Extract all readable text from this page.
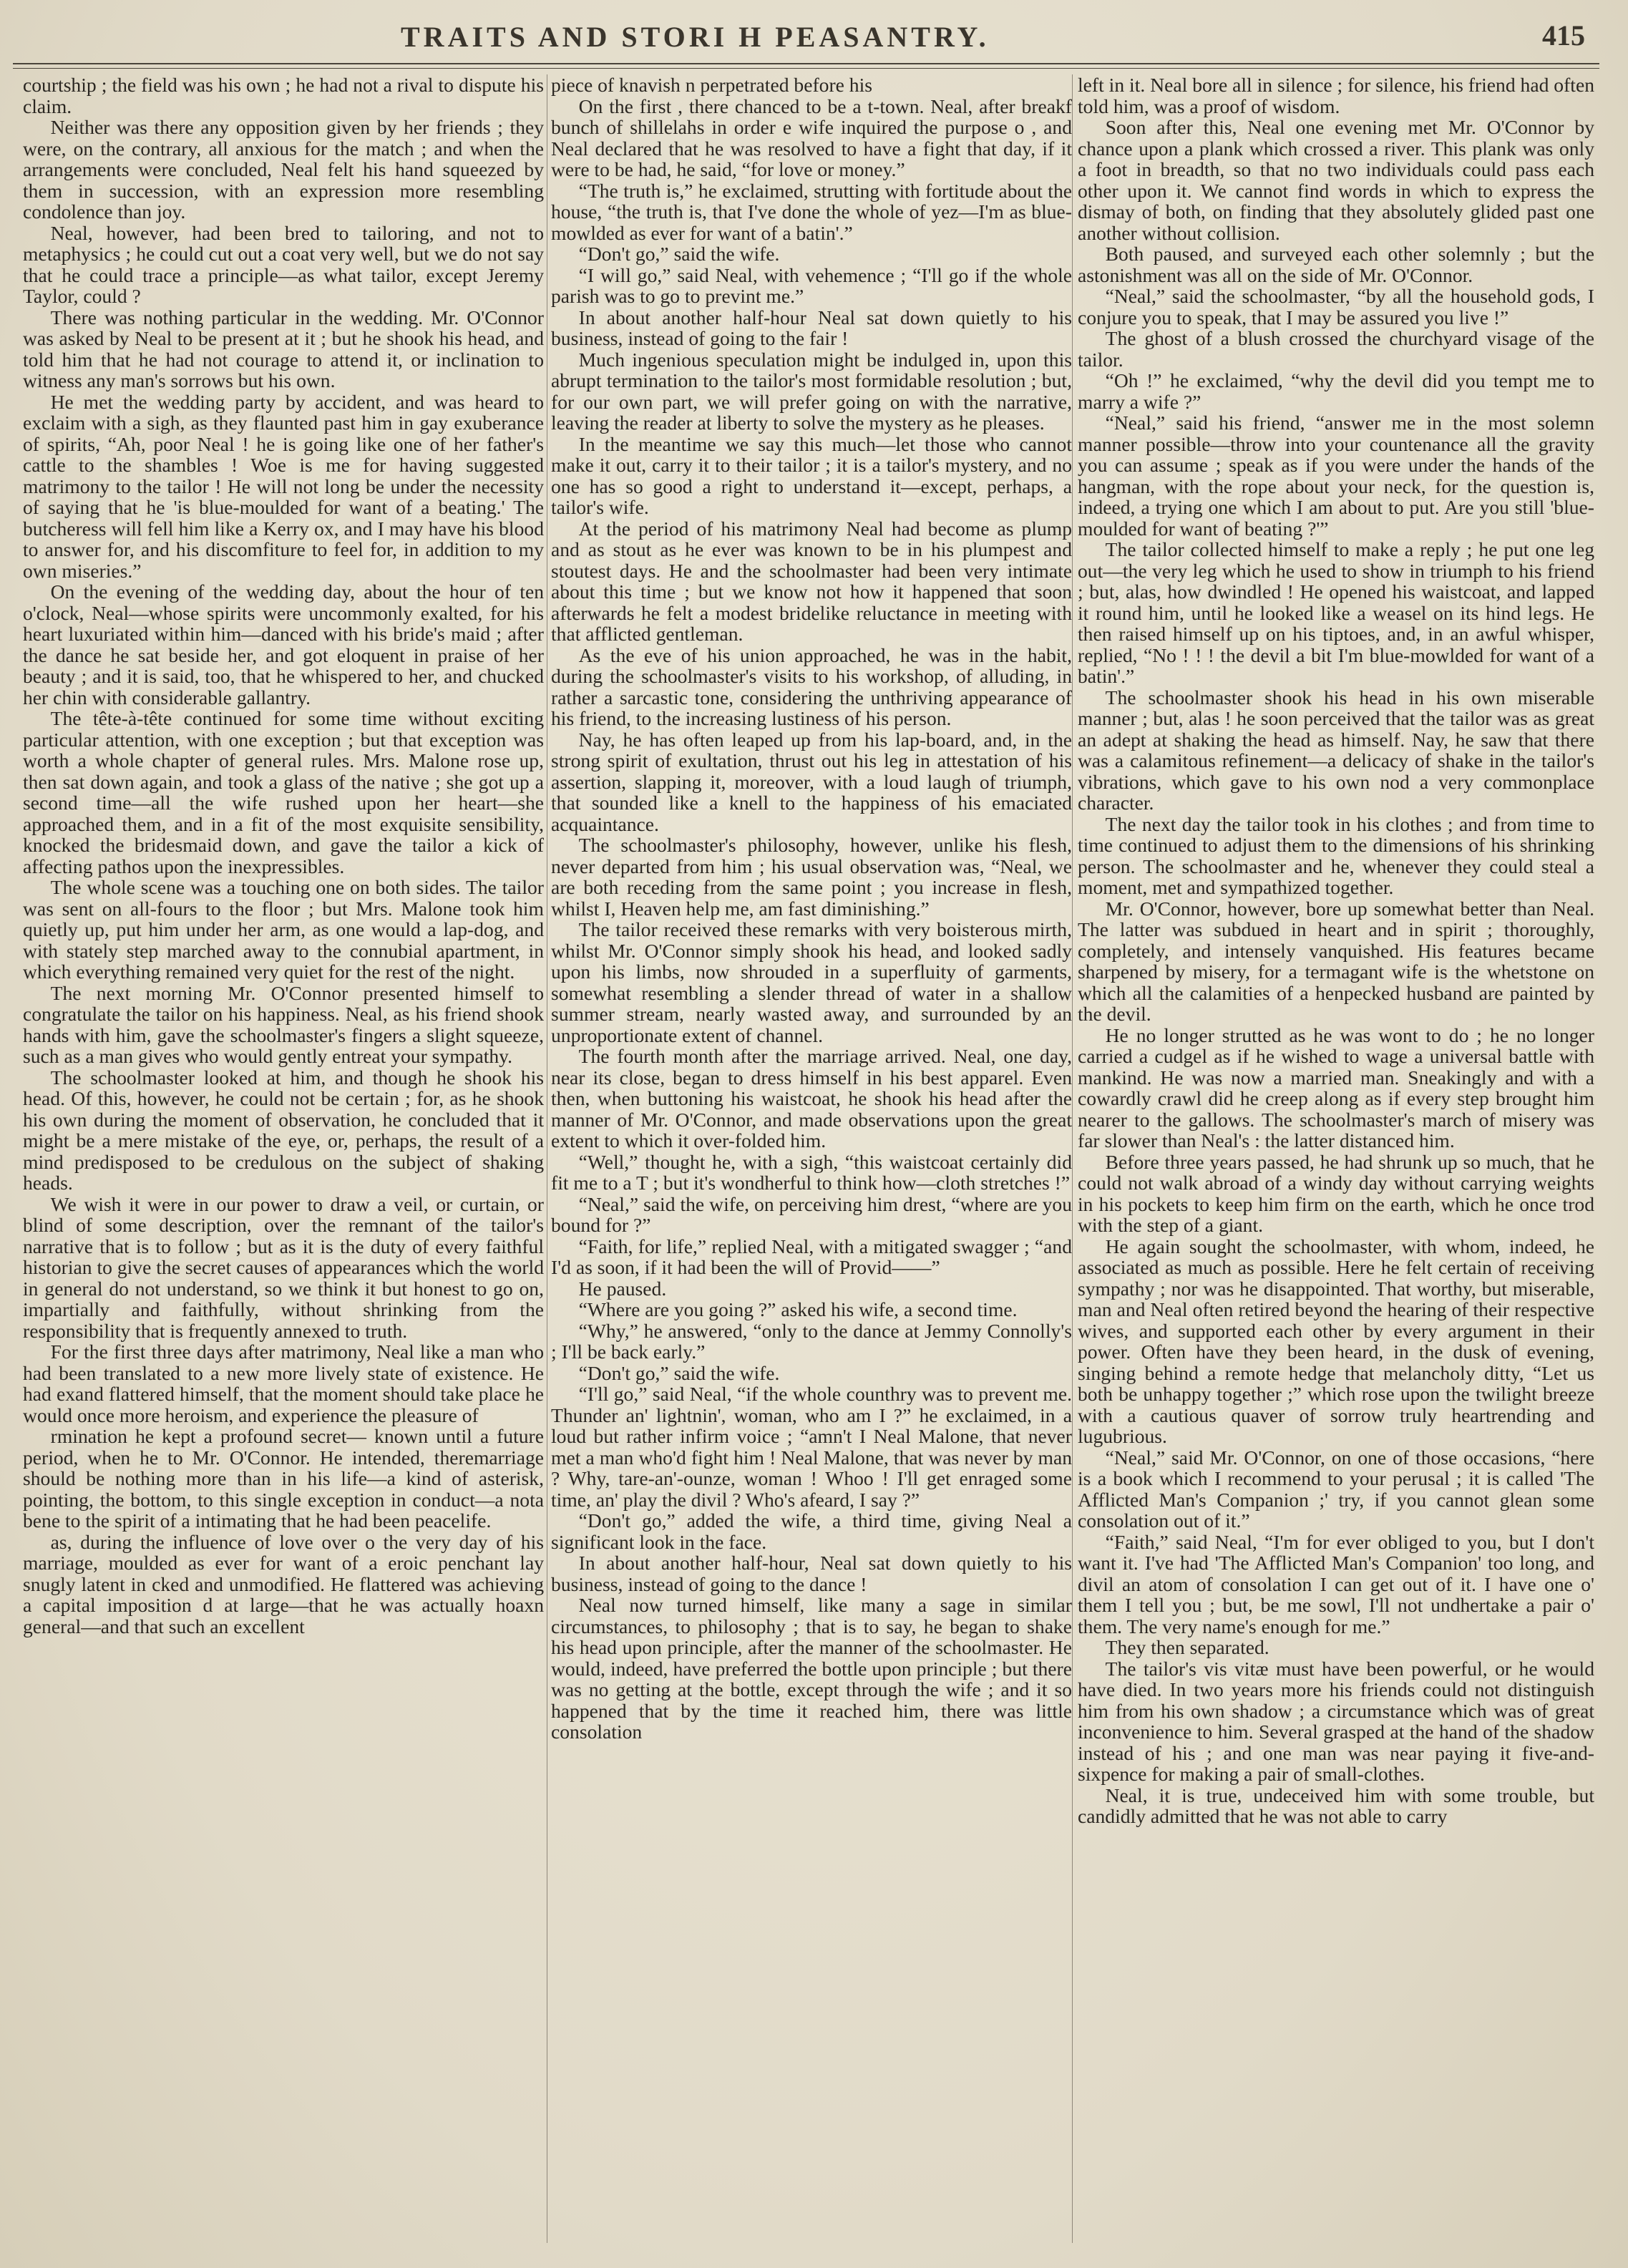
TRAITS AND STORI H PEASANTRY.	415

courtship ; the field was his own ; he had not a rival to dispute his claim.

Neither was there any opposition given by her friends ; they were, on the contrary, all anxious for the match ; and when the arrangements were concluded, Neal felt his hand squeezed by them in succession, with an expression more resembling condolence than joy.

Neal, however, had been bred to tailoring, and not to metaphysics ; he could cut out a coat very well, but we do not say that he could trace a principle—as what tailor, except Jeremy Taylor, could ?

There was nothing particular in the wedding. Mr. O'Connor was asked by Neal to be present at it ; but he shook his head, and told him that he had not courage to attend it, or inclination to witness any man's sorrows but his own.

He met the wedding party by accident, and was heard to exclaim with a sigh, as they flaunted past him in gay exuberance of spirits, “Ah, poor Neal ! he is going like one of her father's cattle to the shambles ! Woe is me for having suggested matrimony to the tailor ! He will not long be under the necessity of saying that he 'is blue-moulded for want of a beating.' The butcheress will fell him like a Kerry ox, and I may have his blood to answer for, and his discomfiture to feel for, in addition to my own miseries.”

On the evening of the wedding day, about the hour of ten o'clock, Neal—whose spirits were uncommonly exalted, for his heart luxuriated within him—danced with his bride's maid ; after the dance he sat beside her, and got eloquent in praise of her beauty ; and it is said, too, that he whispered to her, and chucked her chin with considerable gallantry.

The tête-à-tête continued for some time without exciting particular attention, with one exception ; but that exception was worth a whole chapter of general rules. Mrs. Malone rose up, then sat down again, and took a glass of the native ; she got up a second time—all the wife rushed upon her heart—she approached them, and in a fit of the most exquisite sensibility, knocked the bridesmaid down, and gave the tailor a kick of affecting pathos upon the inexpressibles.

The whole scene was a touching one on both sides. The tailor was sent on all-fours to the floor ; but Mrs. Malone took him quietly up, put him under her arm, as one would a lap-dog, and with stately step marched away to the connubial apartment, in which everything remained very quiet for the rest of the night.

The next morning Mr. O'Connor presented himself to congratulate the tailor on his happiness. Neal, as his friend shook hands with him, gave the schoolmaster's fingers a slight squeeze, such as a man gives who would gently entreat your sympathy.

The schoolmaster looked at him, and though he shook his head. Of this, however, he could not be certain ; for, as he shook his own during the moment of observation, he concluded that it might be a mere mistake of the eye, or, perhaps, the result of a mind predisposed to be credulous on the subject of shaking heads.

We wish it were in our power to draw a veil, or curtain, or blind of some description, over the remnant of the tailor's narrative that is to follow ; but as it is the duty of every faithful historian to give the secret causes of appearances which the world in general do not understand, so we think it but honest to go on, impartially and faithfully, without shrinking from the responsibility that is frequently annexed to truth.

For the first three days after matrimony, Neal like a man who had been translated to a new more lively state of existence. He had exand flattered himself, that the moment should take place he would once more heroism, and experience the pleasure of

rmination he kept a profound secret— known until a future period, when he to Mr. O'Connor. He intended, theremarriage should be nothing more than in his life—a kind of asterisk, pointing, the bottom, to this single exception in conduct—a nota bene to the spirit of a intimating that he had been peacelife.

as, during the influence of love over o the very day of his marriage, moulded as ever for want of a eroic penchant lay snugly latent in cked and unmodified. He flattered was achieving a capital imposition d at large—that he was actually hoaxn general—and that such an excellent

piece of knavish n perpetrated before his

On the first , there chanced to be a t-town. Neal, after breakf bunch of shillelahs in order e wife inquired the purpose o , and Neal declared that he was resolved to have a fight that day, if it were to be had, he said, “for love or money.”

“The truth is,” he exclaimed, strutting with fortitude about the house, “the truth is, that I've done the whole of yez—I'm as blue-mowlded as ever for want of a batin'.”

“Don't go,” said the wife.

“I will go,” said Neal, with vehemence ; “I'll go if the whole parish was to go to prevint me.”

In about another half-hour Neal sat down quietly to his business, instead of going to the fair !

Much ingenious speculation might be indulged in, upon this abrupt termination to the tailor's most formidable resolution ; but, for our own part, we will prefer going on with the narrative, leaving the reader at liberty to solve the mystery as he pleases.

In the meantime we say this much—let those who cannot make it out, carry it to their tailor ; it is a tailor's mystery, and no one has so good a right to understand it—except, perhaps, a tailor's wife.

At the period of his matrimony Neal had become as plump and as stout as he ever was known to be in his plumpest and stoutest days. He and the schoolmaster had been very intimate about this time ; but we know not how it happened that soon afterwards he felt a modest bridelike reluctance in meeting with that afflicted gentleman.

As the eve of his union approached, he was in the habit, during the schoolmaster's visits to his workshop, of alluding, in rather a sarcastic tone, considering the unthriving appearance of his friend, to the increasing lustiness of his person.

Nay, he has often leaped up from his lap-board, and, in the strong spirit of exultation, thrust out his leg in attestation of his assertion, slapping it, moreover, with a loud laugh of triumph, that sounded like a knell to the happiness of his emaciated acquaintance.

The schoolmaster's philosophy, however, unlike his flesh, never departed from him ; his usual observation was, “Neal, we are both receding from the same point ; you increase in flesh, whilst I, Heaven help me, am fast diminishing.”

The tailor received these remarks with very boisterous mirth, whilst Mr. O'Connor simply shook his head, and looked sadly upon his limbs, now shrouded in a superfluity of garments, somewhat resembling a slender thread of water in a shallow summer stream, nearly wasted away, and surrounded by an unproportionate extent of channel.

The fourth month after the marriage arrived. Neal, one day, near its close, began to dress himself in his best apparel. Even then, when buttoning his waistcoat, he shook his head after the manner of Mr. O'Connor, and made observations upon the great extent to which it over-folded him.

“Well,” thought he, with a sigh, “this waistcoat certainly did fit me to a T ; but it's wondherful to think how—cloth stretches !”

“Neal,” said the wife, on perceiving him drest, “where are you bound for ?”

“Faith, for life,” replied Neal, with a mitigated swagger ; “and I'd as soon, if it had been the will of Provid——”

He paused.

“Where are you going ?” asked his wife, a second time.

“Why,” he answered, “only to the dance at Jemmy Connolly's ; I'll be back early.”

“Don't go,” said the wife.

“I'll go,” said Neal, “if the whole counthry was to prevent me. Thunder an' lightnin', woman, who am I ?” he exclaimed, in a loud but rather infirm voice ; “amn't I Neal Malone, that never met a man who'd fight him ! Neal Malone, that was never by man ? Why, tare-an'-ounze, woman ! Whoo ! I'll get enraged some time, an' play the divil ? Who's afeard, I say ?”

“Don't go,” added the wife, a third time, giving Neal a significant look in the face.

In about another half-hour, Neal sat down quietly to his business, instead of going to the dance !

Neal now turned himself, like many a sage in similar circumstances, to philosophy ; that is to say, he began to shake his head upon principle, after the manner of the schoolmaster. He would, indeed, have preferred the bottle upon principle ; but there was no getting at the bottle, except through the wife ; and it so happened that by the time it reached him, there was little consolation

left in it. Neal bore all in silence ; for silence, his friend had often told him, was a proof of wisdom.

Soon after this, Neal one evening met Mr. O'Connor by chance upon a plank which crossed a river. This plank was only a foot in breadth, so that no two individuals could pass each other upon it. We cannot find words in which to express the dismay of both, on finding that they absolutely glided past one another without collision.

Both paused, and surveyed each other solemnly ; but the astonishment was all on the side of Mr. O'Connor.

“Neal,” said the schoolmaster, “by all the household gods, I conjure you to speak, that I may be assured you live !”

The ghost of a blush crossed the churchyard visage of the tailor.

“Oh !” he exclaimed, “why the devil did you tempt me to marry a wife ?”

“Neal,” said his friend, “answer me in the most solemn manner possible—throw into your countenance all the gravity you can assume ; speak as if you were under the hands of the hangman, with the rope about your neck, for the question is, indeed, a trying one which I am about to put. Are you still 'blue-moulded for want of beating ?'”

The tailor collected himself to make a reply ; he put one leg out—the very leg which he used to show in triumph to his friend ; but, alas, how dwindled ! He opened his waistcoat, and lapped it round him, until he looked like a weasel on its hind legs. He then raised himself up on his tiptoes, and, in an awful whisper, replied, “No ! ! ! the devil a bit I'm blue-mowlded for want of a batin'.”

The schoolmaster shook his head in his own miserable manner ; but, alas ! he soon perceived that the tailor was as great an adept at shaking the head as himself. Nay, he saw that there was a calamitous refinement—a delicacy of shake in the tailor's vibrations, which gave to his own nod a very commonplace character.

The next day the tailor took in his clothes ; and from time to time continued to adjust them to the dimensions of his shrinking person. The schoolmaster and he, whenever they could steal a moment, met and sympathized together.

Mr. O'Connor, however, bore up somewhat better than Neal. The latter was subdued in heart and in spirit ; thoroughly, completely, and intensely vanquished. His features became sharpened by misery, for a termagant wife is the whetstone on which all the calamities of a henpecked husband are painted by the devil.

He no longer strutted as he was wont to do ; he no longer carried a cudgel as if he wished to wage a universal battle with mankind. He was now a married man. Sneakingly and with a cowardly crawl did he creep along as if every step brought him nearer to the gallows. The schoolmaster's march of misery was far slower than Neal's : the latter distanced him.

Before three years passed, he had shrunk up so much, that he could not walk abroad of a windy day without carrying weights in his pockets to keep him firm on the earth, which he once trod with the step of a giant.

He again sought the schoolmaster, with whom, indeed, he associated as much as possible. Here he felt certain of receiving sympathy ; nor was he disappointed. That worthy, but miserable, man and Neal often retired beyond the hearing of their respective wives, and supported each other by every argument in their power. Often have they been heard, in the dusk of evening, singing behind a remote hedge that melancholy ditty, “Let us both be unhappy together ;” which rose upon the twilight breeze with a cautious quaver of sorrow truly heartrending and lugubrious.

“Neal,” said Mr. O'Connor, on one of those occasions, “here is a book which I recommend to your perusal ; it is called 'The Afflicted Man's Companion ;' try, if you cannot glean some consolation out of it.”

“Faith,” said Neal, “I'm for ever obliged to you, but I don't want it. I've had 'The Afflicted Man's Companion' too long, and divil an atom of consolation I can get out of it. I have one o' them I tell you ; but, be me sowl, I'll not undhertake a pair o' them. The very name's enough for me.”

They then separated.

The tailor's vis vitæ must have been powerful, or he would have died. In two years more his friends could not distinguish him from his own shadow ; a circumstance which was of great inconvenience to him. Several grasped at the hand of the shadow instead of his ; and one man was near paying it five-and-sixpence for making a pair of small-clothes.

Neal, it is true, undeceived him with some trouble, but candidly admitted that he was not able to carry
